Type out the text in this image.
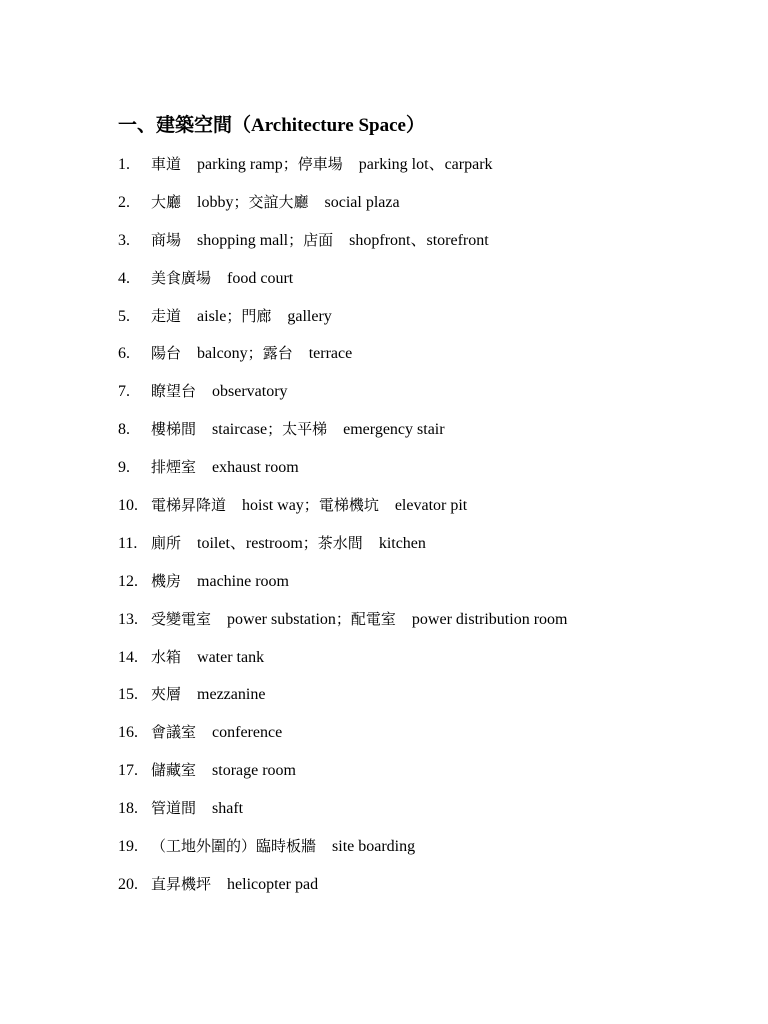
一、建築空間（Architecture Space）
1. 車道 parking ramp；停車場 parking lot、carpark
2. 大廳 lobby；交誼大廳 social plaza
3. 商場 shopping mall；店面 shopfront、storefront
4. 美食廣場 food court
5. 走道 aisle；門廊 gallery
6. 陽台 balcony；露台 terrace
7. 瞭望台 observatory
8. 樓梯間 staircase；太平梯 emergency stair
9. 排煙室 exhaust room
10. 電梯昇降道 hoist way；電梯機坑 elevator pit
11. 廁所 toilet、restroom；茶水間 kitchen
12. 機房 machine room
13. 受變電室 power substation；配電室 power distribution room
14. 水箱 water tank
15. 夾層 mezzanine
16. 會議室 conference
17. 儲藏室 storage room
18. 管道間 shaft
19. （工地外圍的）臨時板牆 site boarding
20. 直昇機坪 helicopter pad
